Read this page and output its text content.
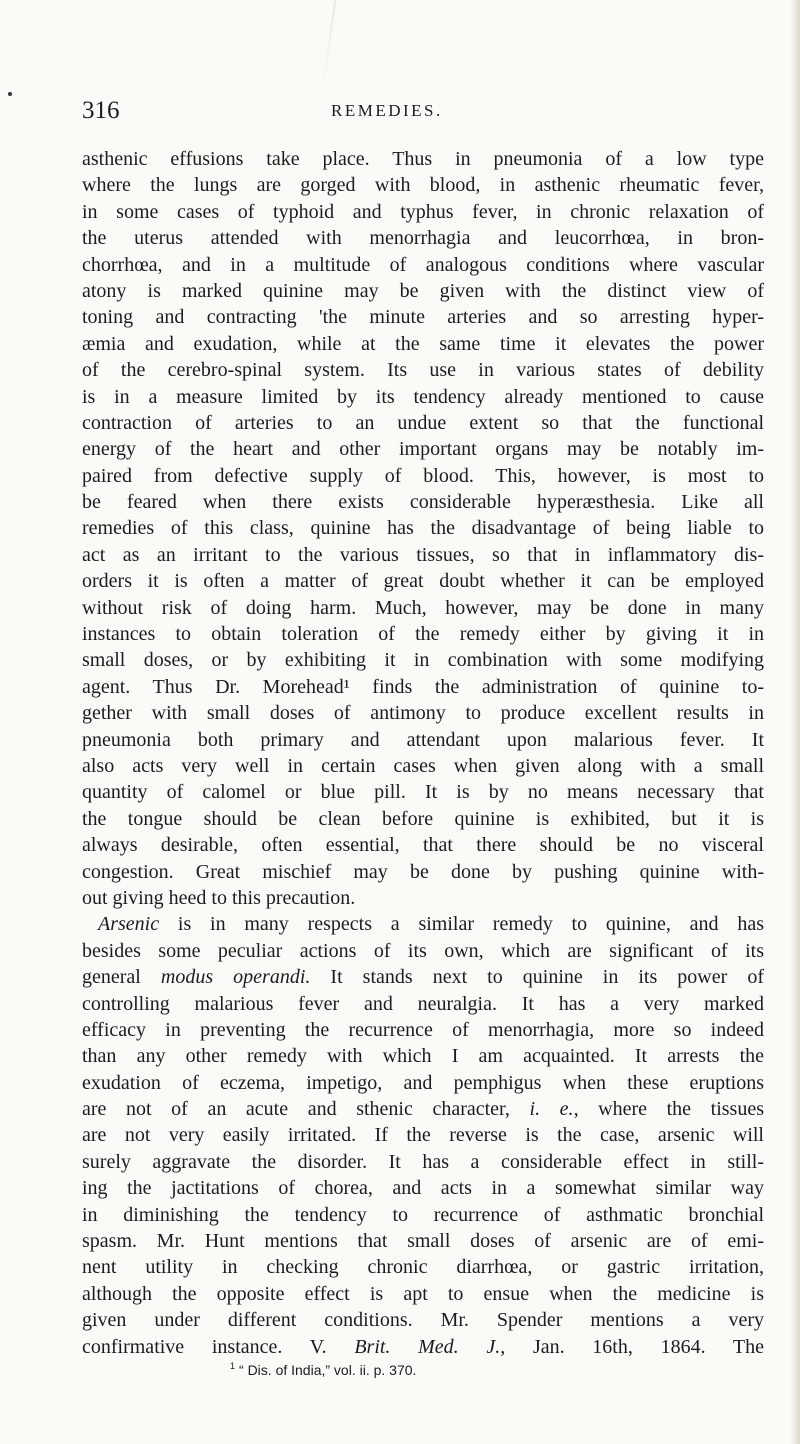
316	REMEDIES.
asthenic effusions take place. Thus in pneumonia of a low type
where the lungs are gorged with blood, in asthenic rheumatic fever,
in some cases of typhoid and typhus fever, in chronic relaxation of
the uterus attended with menorrhagia and leucorrhœa, in bron-
chorrhœa, and in a multitude of analogous conditions where vascular
atony is marked quinine may be given with the distinct view of
toning and contracting 'the minute arteries and so arresting hyper-
æmia and exudation, while at the same time it elevates the power
of the cerebro-spinal system. Its use in various states of debility
is in a measure limited by its tendency already mentioned to cause
contraction of arteries to an undue extent so that the functional
energy of the heart and other important organs may be notably im-
paired from defective supply of blood. This, however, is most to
be feared when there exists considerable hyperæsthesia. Like all
remedies of this class, quinine has the disadvantage of being liable to
act as an irritant to the various tissues, so that in inflammatory dis-
orders it is often a matter of great doubt whether it can be employed
without risk of doing harm. Much, however, may be done in many
instances to obtain toleration of the remedy either by giving it in
small doses, or by exhibiting it in combination with some modifying
agent. Thus Dr. Morehead¹ finds the administration of quinine to-
gether with small doses of antimony to produce excellent results in
pneumonia both primary and attendant upon malarious fever. It
also acts very well in certain cases when given along with a small
quantity of calomel or blue pill. It is by no means necessary that
the tongue should be clean before quinine is exhibited, but it is
always desirable, often essential, that there should be no visceral
congestion. Great mischief may be done by pushing quinine with-
out giving heed to this precaution.
Arsenic is in many respects a similar remedy to quinine, and has
besides some peculiar actions of its own, which are significant of its
general modus operandi. It stands next to quinine in its power of
controlling malarious fever and neuralgia. It has a very marked
efficacy in preventing the recurrence of menorrhagia, more so indeed
than any other remedy with which I am acquainted. It arrests the
exudation of eczema, impetigo, and pemphigus when these eruptions
are not of an acute and sthenic character, i. e., where the tissues
are not very easily irritated. If the reverse is the case, arsenic will
surely aggravate the disorder. It has a considerable effect in still-
ing the jactitations of chorea, and acts in a somewhat similar way
in diminishing the tendency to recurrence of asthmatic bronchial
spasm. Mr. Hunt mentions that small doses of arsenic are of emi-
nent utility in checking chronic diarrhœa, or gastric irritation,
although the opposite effect is apt to ensue when the medicine is
given under different conditions. Mr. Spender mentions a very
confirmative instance. V. Brit. Med. J., Jan. 16th, 1864. The
$^1$ “ Dis. of India,” vol. ii. p. 370.
